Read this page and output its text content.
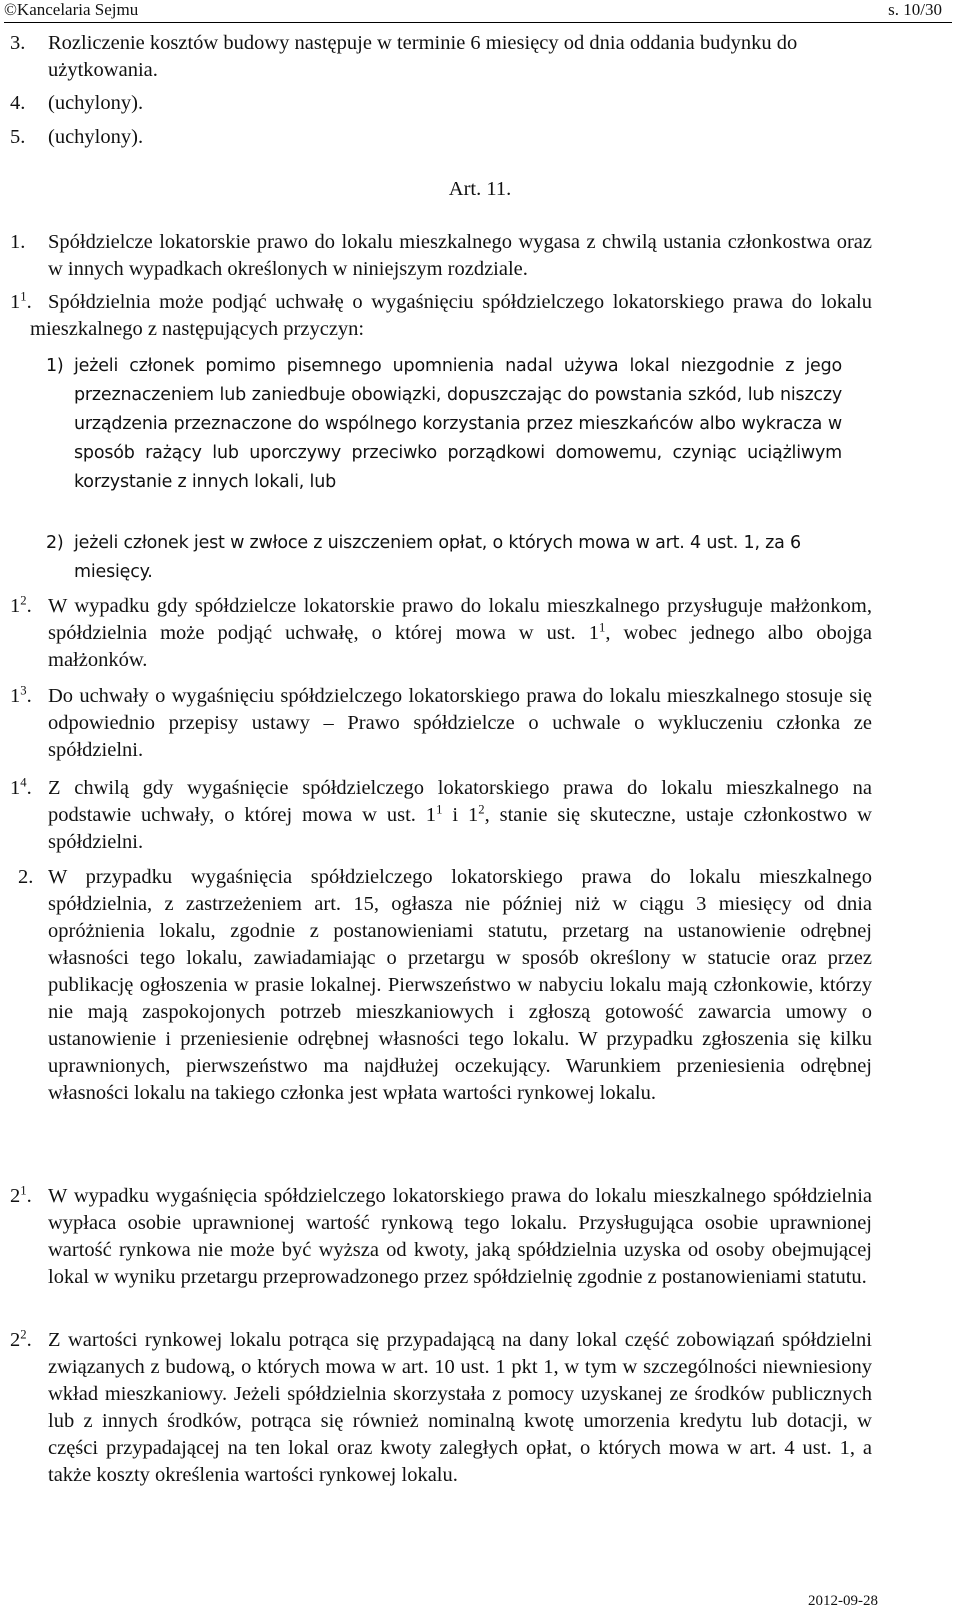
©Kancelaria Sejmu	s. 10/30
3. Rozliczenie kosztów budowy następuje w terminie 6 miesięcy od dnia oddania budynku do użytkowania.
4. (uchylony).
5. (uchylony).
Art. 11.
1. Spółdzielcze lokatorskie prawo do lokalu mieszkalnego wygasa z chwilą ustania członkostwa oraz w innych wypadkach określonych w niniejszym rozdziale.
$1^1$. Spółdzielnia może podjąć uchwałę o wygaśnięciu spółdzielczego lokatorskiego prawa do lokalu mieszkalnego z następujących przyczyn:
1) jeżeli członek pomimo pisemnego upomnienia nadal używa lokal niezgodnie z jego przeznaczeniem lub zaniedbuje obowiązki, dopuszczając do powstania szkód, lub niszczy urządzenia przeznaczone do wspólnego korzystania przez mieszkańców albo wykracza w sposób rażący lub uporczywy przeciwko porządkowi domowemu, czyniąc uciążliwym korzystanie z innych lokali, lub
2) jeżeli członek jest w zwłoce z uiszczeniem opłat, o których mowa w art. 4 ust. 1, za 6 miesięcy.
$1^2$. W wypadku gdy spółdzielcze lokatorskie prawo do lokalu mieszkalnego przysługuje małżonkom, spółdzielnia może podjąć uchwałę, o której mowa w ust. $1^1$, wobec jednego albo obojga małżonków.
$1^3$. Do uchwały o wygaśnięciu spółdzielczego lokatorskiego prawa do lokalu mieszkalnego stosuje się odpowiednio przepisy ustawy – Prawo spółdzielcze o uchwale o wykluczeniu członka ze spółdzielni.
$1^4$. Z chwilą gdy wygaśnięcie spółdzielczego lokatorskiego prawa do lokalu mieszkalnego na podstawie uchwały, o której mowa w ust. $1^1$ i $1^2$, stanie się skuteczne, ustaje członkostwo w spółdzielni.
2. W przypadku wygaśnięcia spółdzielczego lokatorskiego prawa do lokalu mieszkalnego spółdzielnia, z zastrzeżeniem art. 15, ogłasza nie później niż w ciągu 3 miesięcy od dnia opróżnienia lokalu, zgodnie z postanowieniami statutu, przetarg na ustanowienie odrębnej własności tego lokalu, zawiadamiając o przetargu w sposób określony w statucie oraz przez publikację ogłoszenia w prasie lokalnej. Pierwszeństwo w nabyciu lokalu mają członkowie, którzy nie mają zaspokojonych potrzeb mieszkaniowych i zgłoszą gotowość zawarcia umowy o ustanowienie i przeniesienie odrębnej własności tego lokalu. W przypadku zgłoszenia się kilku uprawnionych, pierwszeństwo ma najdłużej oczekujący. Warunkiem przeniesienia odrębnej własności lokalu na takiego członka jest wpłata wartości rynkowej lokalu.
$2^1$. W wypadku wygaśnięcia spółdzielczego lokatorskiego prawa do lokalu mieszkalnego spółdzielnia wypłaca osobie uprawnionej wartość rynkową tego lokalu. Przysługująca osobie uprawnionej wartość rynkowa nie może być wyższa od kwoty, jaką spółdzielnia uzyska od osoby obejmującej lokal w wyniku przetargu przeprowadzonego przez spółdzielnię zgodnie z postanowieniami statutu.
$2^2$. Z wartości rynkowej lokalu potrąca się przypadającą na dany lokal część zobowiązań spółdzielni związanych z budową, o których mowa w art. 10 ust. 1 pkt 1, w tym w szczególności niewniesiony wkład mieszkaniowy. Jeżeli spółdzielnia skorzystała z pomocy uzyskanej ze środków publicznych lub z innych środków, potrąca się również nominalną kwotę umorzenia kredytu lub dotacji, w części przypadającej na ten lokal oraz kwoty zaległych opłat, o których mowa w art. 4 ust. 1, a także koszty określenia wartości rynkowej lokalu.
2012-09-28
